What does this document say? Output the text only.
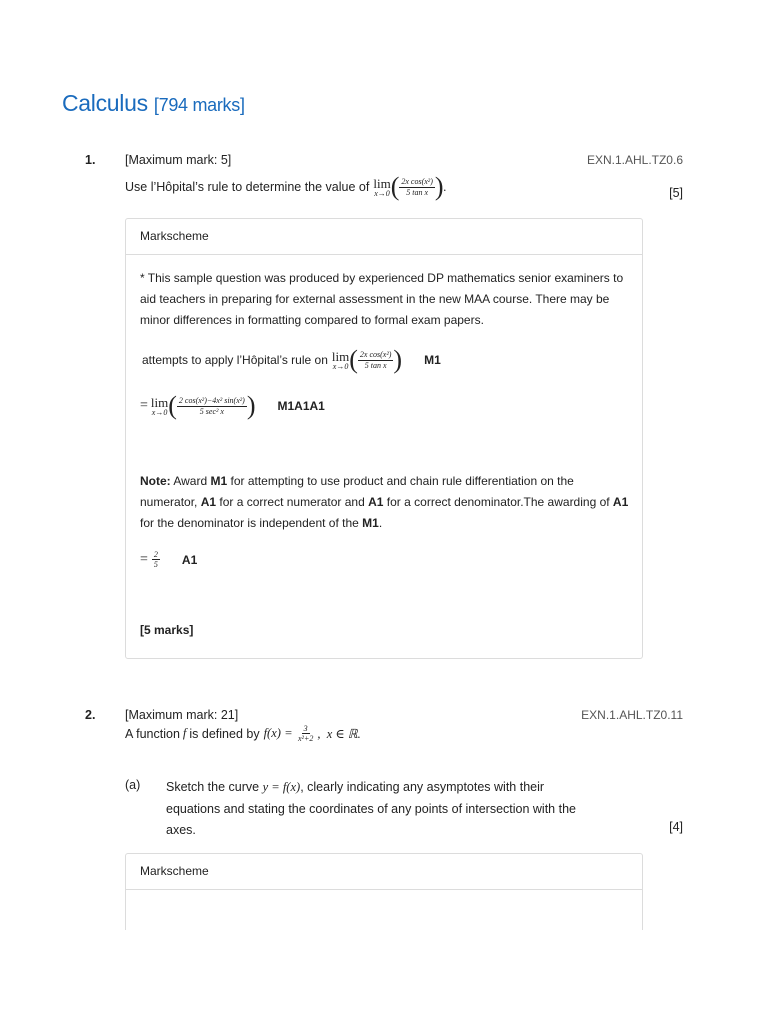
Calculus [794 marks]
1. [Maximum mark: 5]	EXN.1.AHL.TZ0.6
Use l’Hôpital’s rule to determine the value of lim
x→0 ( $\frac{\text{2x cos(x²)}}{\text{5 tan x}}$ ) .	[5]
Markscheme
* This sample question was produced by experienced DP mathematics senior examiners to aid teachers in preparing for external assessment in the new MAA course. There may be minor differences in formatting compared to formal exam papers.
attempts to apply l’Hôpital’s rule on lim
x→0 ( $\frac{\text{2x cos(x²)}}{\text{5 tan x}}$ ) M1
= lim
x→0 ( $\frac{\text{2 cos(x²)−4x² sin(x²)}}{\text{5 sec² x}}$ ) M1A1A1
Note: Award M1 for attempting to use product and chain rule differentiation on the numerator, A1 for a correct numerator and A1 for a correct denominator.The awarding of A1 for the denominator is independent of the M1.
= $\frac{2}{5} A1$
[5 marks]
2. [Maximum mark: 21]	EXN.1.AHL.TZ0.11
A function f is defined by $f(x) = \frac{3}{\text{x²+2}}$ ,  x ∈ ℝ.
(a) Sketch the curve y = f(x), clearly indicating any asymptotes with their equations and stating the coordinates of any points of intersection with the axes.	[4]
Markscheme
